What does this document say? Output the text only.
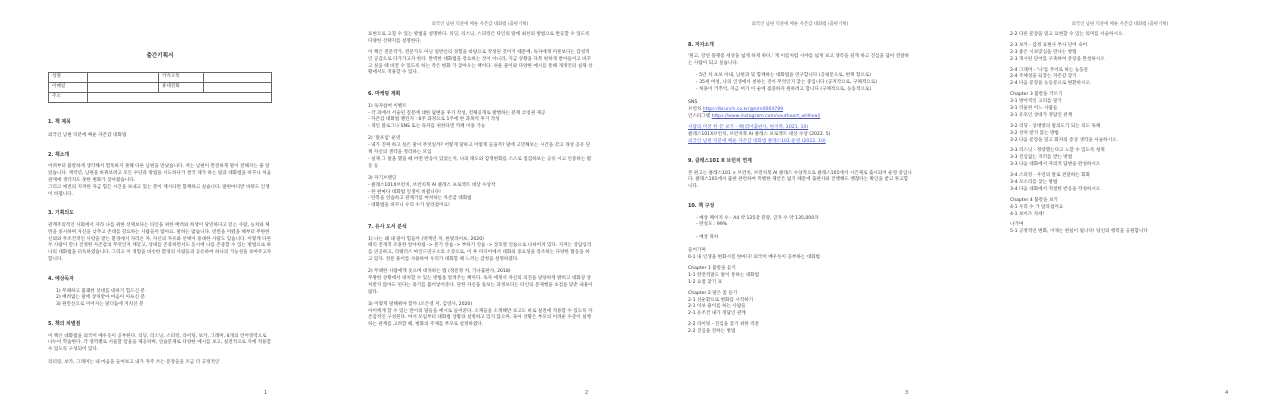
출간기획서
성명		카카오톡	
이메일		휴대전화	
주소			
1. 책 제목
외국인 남편 덕분에 배운 자존감 대화법
2. 책소개
어려부터 불칼하게 생각해서 험뜻하지 못해 다른 남편을 만났습니다. 저는 남편이 완전하게 말이 전해지는 줄 알았습니다. 재작년, 남편을 바뀌보려고 모든 수단과 방법을 시도하다가 결국 제가 하는 말과 대화법을 바꾸니 처음 관계에 생각지도 못한 변화가 찾아왔습니다.
그리고 예전의 지저한 자금 힘든 시간을 보내고 있는 분이 계시다면 함께하고 싶습니다. 말한마디만 바뀌도 인생이 바뀝니다.
3. 기획의도
관계주의적인 사회에서 자라 나를 위한 선택보다는 타인을 위한 배려와 희생이 당연하다고 믿는 사람, 능치와 체면을 중시하며 자신을 낮추고 존대를 강요하는 사람들이 많아요. 말하는 많습니다. 빈번을 어렸을 때부터 무한한 신뢰와 무조건적인 사랑을 받는 환경에서 자라온 자, 자신의 자유와 선택이 중대한 사람도 있습니다. 이렇게 다른 두 사람이 만나 진정한 자존감의 무엇인지 깨닫고, 상대를 존중하면서도 동시에 나를 존중할 수 있는 방법으로 하나의 대화법을 터득하였습니다. 그리고 이 경험을 비슷한 환경의 사람들과 공유하여 하나의 가능성을 보여주고자 합니다.
4. 예상독자
1) 무례하고 불쾌한 상대를 대하기 힘드신 분
2) 배려없는 말에 상처받아 마음이 아프신 분
3) 원만신으로 이어지는 말더듬에 지치신 분
5. 책의 차별점
이 책은 대화법을 외국어 배우듯이 공부한다. 리딩, 리스닝, 스피킹, 라이팅, 보카, 그래머, 6개의 언어영역으로 나누어 학습한다. 각 영역별로 서울할 맘을을 제공하며, 연습문제로 다양한 예시를 보고, 실전적으로 지에 적용할 수 있도록 구성되어 있다.
리터링, 보카, 그래머는 내 마음을 들여보고 내가 자주 쓰는 문장들을 조금 더 긍정적인
1
외국인 남편 덕분에 배운 자존감 대화법 (출판기획)
표현으로 고칠 수 있는 방법을 설명한다. 리딩, 리스닝, 스피킹은 타인의 말에 최선의 방법으로 반응할 수 있도록 다양한 선택지를 설명한다.
이 책은 전문작가, 전문가도 아닌 일반인의 경험을 바탕으로 작성된 것이기 때문에, 독자에게 미론보다는 감성적인 공감으로 다가가고자 한다. 완벽한 대화법을 강요하는 것이 아니라, 지금 상황을 다복 편하게 받아들이고 바꾸고 싶을 때 바꿀 수 있도록 하는 작은 변화 가 찾아오는 책이다. 쉬운 물이와 다양한 예시를 통해 개개인의 실제 상황에서도 적용할 수 있다.
6. 마케팅 계획
1) 독자참여 이벤트
- 각 과에서 서술된 질문에 대한 답변을 후기 작성, 전체공개로 발행하는 분께 코칭권 제공
- 자존감 대화법 챌린지 : 6주 과정으로 1주에 한 과목씩 후기 작성
- 개인 블로그나 SNS 또는 독자를 위한다면 카페 이용 가능
2) '말포임' 운영
- 내가 진짜 하고 싶은 말이 무엇일까? 어떻게 말하고 어떻게 들을까? 말에 고민해보는 시간을 갖고 개성 공유 단계 자신의 생각을 정리하는 모임
- 실제 그 말을 했을 때 어떤 반응이 있었는지, 나의 태도와 감정변화를 스스로 점검하보는 공유 시고 인증하는 활동 등
3) 자기브랜딩
- 클래스101X브런치, 브런치북 AI 클래스 프로젝트 대상 수상작
- 한 편마다 대화법 인생이 바뀝니다!
- 탄복을 연습하고 관계기를 마쳐하는 자존감 대화법
- 대화법을 바꾸니 우리 수가 달라졌어요!
7. 유사 도서 분석
1) 나는 왜 내 말이 힘들까 (박재연 저, 한빛라이프, 2020)
때리 전개적 조용한 알아차림 -> 분기 연습 -> 부하기 연습 -> 상호병 연습으로 나뉘어져 있다. 지저는 상담심리를 연공하고, 리퀘러스 마인드연구소의 소장으로, 이 후 미디어에서 대화의 중요성을 강조하는 다양한 활동을 하고 있다. 전문 용어를 사용하여 우리가 대화할 때 느끼는 감정을 설명하였다.
2) 무례한 사람에게 웃으며 대처하는 법 (정문정 저, 가나출판사, 2018)
무방한 상황에서 대처할 수 있는 방법을 알려주는 책이다. 독자 에게서 자신의 의견을 당당하게 밝히고 대화상 상처받지 않아도 된다는 용기를 불어넣어준다. 단한 자신을 돌보는 과정보다는 타인의 문제행을 초점을 맞춘 내용이 많다.
3) 어떻게 말해줘야 할까 (오은영 저, 김영사, 2020)
아이에게 할 수 있는 만이의 말들을 예시로 들어준다. 소재들을 소개해만 보고도 바로 실전에 적용할 수 있도록 자존감적인 구성된다. 여서 모임부터 대화법 상황과 설명하고 있지 않으며, 육아 상황은 부모의 어려운 수준이 실행하는 관계를 고려할 때, 변화의 주제를 부모로 설정하였다.
2
외국인 남편 덕분에 배운 자존감 대화법 (출판기획)
8. 저자소개
'원고, 강연 플랫폼 세상을 넓게 하게 하다.' 게 이름처럼 시야를 넓게 보고 생각을 깊게 하고 진심을 담아 전달하는 사람이 되고 싶습니다.
- 5년 차 초보 아내, 남편과 및 함께하는 대화법을 연구합니다 (공평문으로, 현재 함으로)
- 35세 여성, 나의 인생에서 친하는 것이 무엇인지 찾는 중입니다 (공저작으로, 구체적으로)
- 허용이 거추억, 지금 여기 이 순에 집중하지 원하려고 합니다 (구체적으로, 능동적으로)
SNS
브런치 https://brunch.co.kr/@kim0064789
인스타그램 https://www.instagram.com/voutheart_willheal/
서랍의 미궁 한 끝 보기 - 책(엮어출판사, 한지박, 2021. 10)
클래스101X브런치, 브런치북 AI 클래스 프로젝트 대상 수상 (2022. 5)
외국인 남편 덕분에 배운 자존감 대화법 클래스101 운영 (2022. 10)
9. 클래스101 X 브런치 연계
본 원고는 클래스101 × 브런치, 브런치북 AI 클래스 수상작으로 클래스101에서 시즌제로 출시되어 운영 중입니다. 클래스101에서 출판 관련하여 특별한 제안은 없기 때문에 출판사와 진행해도 괜찮다는 확인을 받고 투고합니다.
10. 책 구성
- 예상 페이지 수 : A4 약 125장 분량, 글자 수 약 135,000자
- 완성도 : 99%
- 예상 목차
들어가며
0-1 내 인생을 변화시킬 한마디! 외국어 배우듯이 공부하는 대화법
Chapter 1 불칼을 듣기
1-1 완전적말도 말이 통하는 대화법
1-2 요점 찾기 표
Chapter 2 말은 좀 듣기
2-1 선순환으로 변화를 시작하기
2-1 이보 줄이를 하는 사람들
2-1 유조건 내가 정답인 관계
2-2 라이팅 - 진심을 찾기 위한 작문
2-2 진심을 전하는 방법
3
외국인 남편 덕분에 배운 자존감 대화법 (출판기획)
2-2 다른 문장을 읽고 표현할 수 있는 의미를 서술하시오.
2-3 보카 - 감정 표현사 부사 단어 숙어
2-3 좋은 시보맞심을 만나는 방법
2-3 개시된 단어를 구축하여 문장을 완성하시오
2-4 그래머 - '나'를 주어로 하는 능동문
2-4 주체성을 되찾는 자존감 찾기
2-4 다음 문장을 능동문으로 변환하시오.
Chapter 3 불칼을 거르기
3-1 방어적인 고리를 말기
3-1 억울한 어느 사람들
3-1 유호인 상대가 정답인 관계
3-2 리딩 - 상대방의 말의도가 되는 의도 독해
3-2 상처 받지 않는 방법
3-2 다음 문장을 읽고 화자의 증상 생각을 서술하시오.
3-3 리스닝 - 정량했는다고 노할 수 있도록 청취
3-3 진심없는 지러를 받는 방법
3-3 다음 대화에서 자의적 답변을 완성하시오
3-4 스피킹 - 우연의 말로 전달하는 회화
3-4 모소리를 찾는 방법
3-4 다음 대화에서 적절한 반응을 작성하시오.
Chapter 4 불칼을 보기
4-1 우리 수 가 달라졌어요
4-1 보이즈 자세!
나가며
5-1 긍정적인 변화, 이제는 현실이 됩니다! 당신의 행복을 응원합니다
4
